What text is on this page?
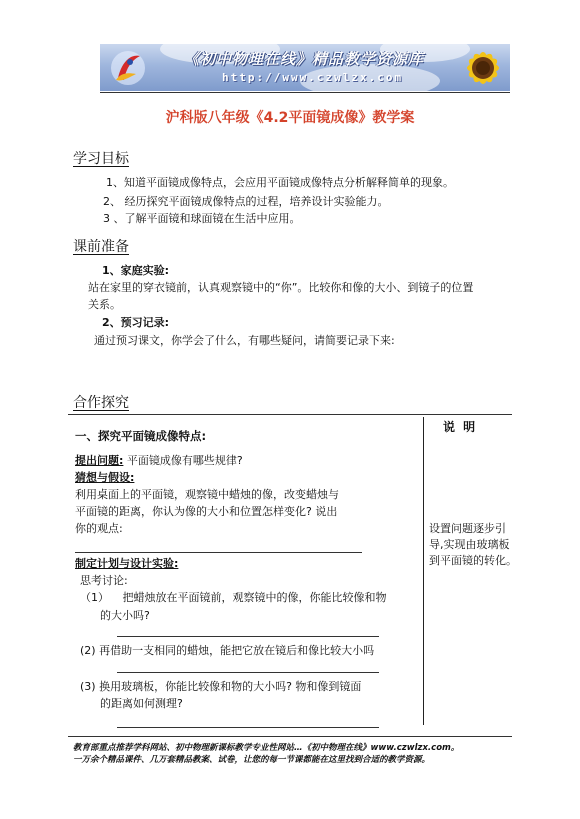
《初中物理在线》精品教学资源库
http://www.czwlzx.com
沪科版八年级《4.2平面镜成像》教学案
学习目标
1、知道平面镜成像特点，会应用平面镜成像特点分析解释简单的现象。
2、 经历探究平面镜成像特点的过程，培养设计实验能力。
3 、了解平面镜和球面镜在生活中应用。
课前准备
1、家庭实验:
站在家里的穿衣镜前，认真观察镜中的“你”。比较你和像的大小、到镜子的位置
关系。
2、预习记录:
通过预习课文，你学会了什么，有哪些疑问，请简要记录下来:
合作探究
一、探究平面镜成像特点:
提出问题: 平面镜成像有哪些规律?
猜想与假设:
利用桌面上的平面镜，观察镜中蜡烛的像，改变蜡烛与
平面镜的距离，你认为像的大小和位置怎样变化? 说出
你的观点:
制定计划与设计实验:
思考讨论:
（1） 把蜡烛放在平面镜前，观察镜中的像，你能比较像和物
的大小吗?
(2) 再借助一支相同的蜡烛，能把它放在镜后和像比较大小吗
(3) 换用玻璃板，你能比较像和物的大小吗? 物和像到镜面
的距离如何测理?
说 明
设置问题逐步引导,实现由玻璃板到平面镜的转化。
教育部重点推荐学科网站、初中物理新课标教学专业性网站…《初中物理在线》www.czwlzx.com。
一万余个精品课件、几万套精品教案、试卷，让您的每一节课都能在这里找到合适的教学资源。
